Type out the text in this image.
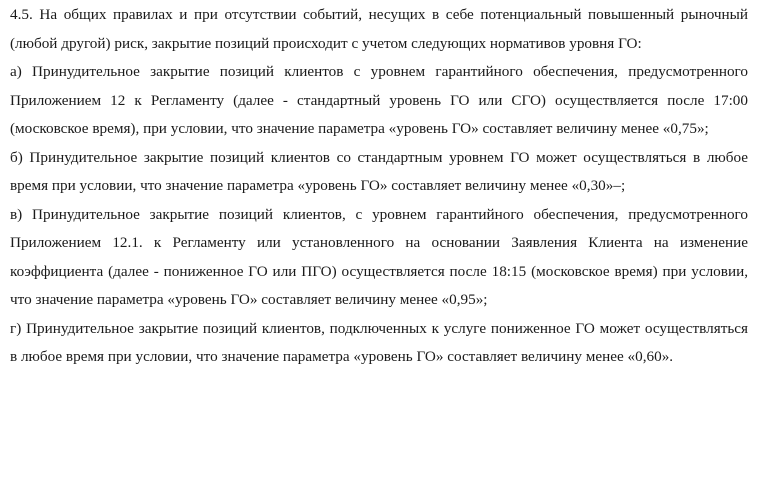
4.5. На общих правилах и при отсутствии событий, несущих в себе потенциальный повышенный рыночный (любой другой) риск, закрытие позиций происходит с учетом следующих нормативов уровня ГО:

а) Принудительное закрытие позиций клиентов с уровнем гарантийного обеспечения, предусмотренного Приложением 12 к Регламенту (далее - стандартный уровень ГО или СГО) осуществляется после 17:00 (московское время), при условии, что значение параметра «уровень ГО» составляет величину менее «0,75»;

б) Принудительное закрытие позиций клиентов со стандартным уровнем ГО может осуществляться в любое время при условии, что значение параметра «уровень ГО» составляет величину менее «0,30»–;

в) Принудительное закрытие позиций клиентов, с уровнем гарантийного обеспечения, предусмотренного Приложением 12.1. к Регламенту или установленного на основании Заявления Клиента на изменение коэффициента (далее - пониженное ГО или ПГО) осуществляется после 18:15 (московское время) при условии, что значение параметра «уровень ГО» составляет величину менее «0,95»;

г) Принудительное закрытие позиций клиентов, подключенных к услуге пониженное ГО может осуществляться в любое время при условии, что значение параметра «уровень ГО» составляет величину менее «0,60».
